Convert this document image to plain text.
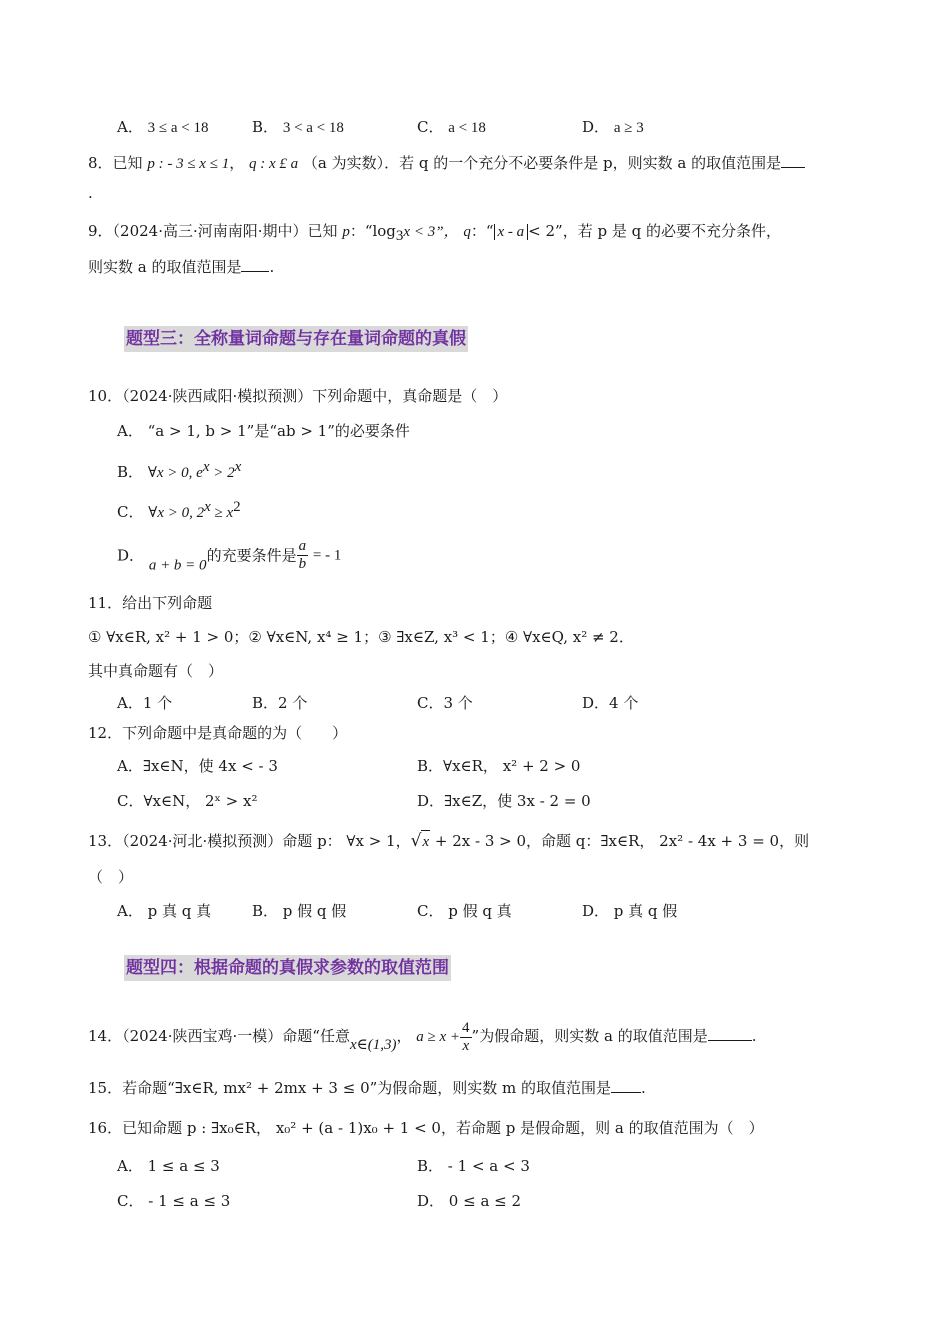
A． 3 ≤ a < 18	B． 3 < a < 18	C． a < 18	D． a ≥ 3
8．已知 p : - 3 ≤ x ≤ 1， q : x £ a （a 为实数）．若 q 的一个充分不必要条件是 p，则实数 a 的取值范围是
.
9．（2024·高三·河南南阳·期中）已知 p：“$\log_3x < 3$”， q：“ x - a < 2”，若 p 是 q 的必要不充分条件，
则实数 a 的取值范围是 .
题型三：全称量词命题与存在量词命题的真假
10．（2024·陕西咸阳·模拟预测）下列命题中，真命题是（　）
A． “a > 1, b > 1”是“ab > 1”的必要条件
B． ∀x > 0, $e^x > 2^x$
C． ∀x > 0, $2^x \ge x^2$
D． a + b = 0的充要条件是 $\frac{a}{b}$ = - 1
11．给出下列命题
① ∀x∈R, x² + 1 > 0；② ∀x∈N, x⁴ ≥ 1；③ ∃x∈Z, x³ < 1；④ ∀x∈Q, x² ≠ 2．
其中真命题有（　）
A．1 个	B．2 个	C．3 个	D．4 个
12．下列命题中是真命题的为（　　）
A．∃x∈N，使 4x < - 3	B．∀x∈R， x² + 2 > 0
C．∀x∈N， 2ˣ > x²	D．∃x∈Z，使 3x - 2 = 0
13．（2024·河北·模拟预测）命题 p： ∀x > 1，√x + 2x - 3 > 0，命题 q：∃x∈R， 2x² - 4x + 3 = 0，则
（　）
A． p 真 q 真	B． p 假 q 假	C． p 假 q 真	D． p 真 q 假
题型四：根据命题的真假求参数的取值范围
14．（2024·陕西宝鸡·一模）命题“任意x∈(1,3)， $a \ge x + \frac{4}{x}$ ”为假命题，则实数 a 的取值范围是	.
15．若命题“∃x∈R, mx² + 2mx + 3 ≤ 0”为假命题，则实数 m 的取值范围是 .
16．已知命题 p : ∃x₀∈R， x₀² + (a - 1)x₀ + 1 < 0，若命题 p 是假命题，则 a 的取值范围为（　）
A． 1 ≤ a ≤ 3	B． - 1 < a < 3
C． - 1 ≤ a ≤ 3	D． 0 ≤ a ≤ 2
